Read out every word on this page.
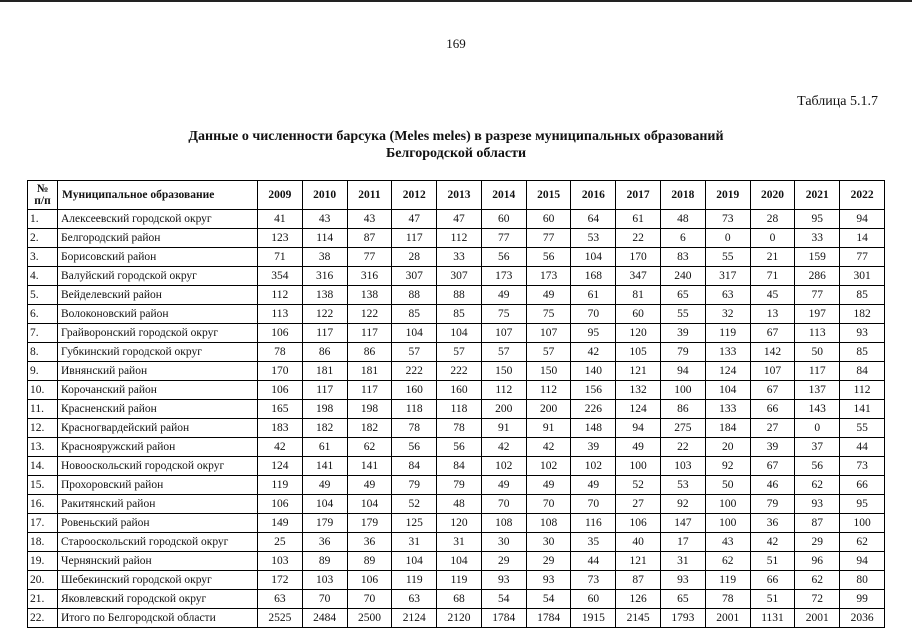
169
Таблица 5.1.7
Данные о численности барсука (Meles meles) в разрезе муниципальных образований
Белгородской области
№
п/п	Муниципальное образование	2009	2010	2011	2012	2013	2014	2015	2016	2017	2018	2019	2020	2021	2022
1.	Алексеевский городской округ	41	43	43	47	47	60	60	64	61	48	73	28	95	94
2.	Белгородский район	123	114	87	117	112	77	77	53	22	6	0	0	33	14
3.	Борисовский район	71	38	77	28	33	56	56	104	170	83	55	21	159	77
4.	Валуйский городской округ	354	316	316	307	307	173	173	168	347	240	317	71	286	301
5.	Вейделевский район	112	138	138	88	88	49	49	61	81	65	63	45	77	85
6.	Волоконовский район	113	122	122	85	85	75	75	70	60	55	32	13	197	182
7.	Грайворонский городской округ	106	117	117	104	104	107	107	95	120	39	119	67	113	93
8.	Губкинский городской округ	78	86	86	57	57	57	57	42	105	79	133	142	50	85
9.	Ивнянский район	170	181	181	222	222	150	150	140	121	94	124	107	117	84
10.	Корочанский район	106	117	117	160	160	112	112	156	132	100	104	67	137	112
11.	Красненский район	165	198	198	118	118	200	200	226	124	86	133	66	143	141
12.	Красногвардейский район	183	182	182	78	78	91	91	148	94	275	184	27	0	55
13.	Краснояружский район	42	61	62	56	56	42	42	39	49	22	20	39	37	44
14.	Новооскольский городской округ	124	141	141	84	84	102	102	102	100	103	92	67	56	73
15.	Прохоровский район	119	49	49	79	79	49	49	49	52	53	50	46	62	66
16.	Ракитянский район	106	104	104	52	48	70	70	70	27	92	100	79	93	95
17.	Ровеньский район	149	179	179	125	120	108	108	116	106	147	100	36	87	100
18.	Старооскольский городской округ	25	36	36	31	31	30	30	35	40	17	43	42	29	62
19.	Чернянский район	103	89	89	104	104	29	29	44	121	31	62	51	96	94
20.	Шебекинский городской округ	172	103	106	119	119	93	93	73	87	93	119	66	62	80
21.	Яковлевский городской округ	63	70	70	63	68	54	54	60	126	65	78	51	72	99
22.	Итого по Белгородской области	2525	2484	2500	2124	2120	1784	1784	1915	2145	1793	2001	1131	2001	2036
